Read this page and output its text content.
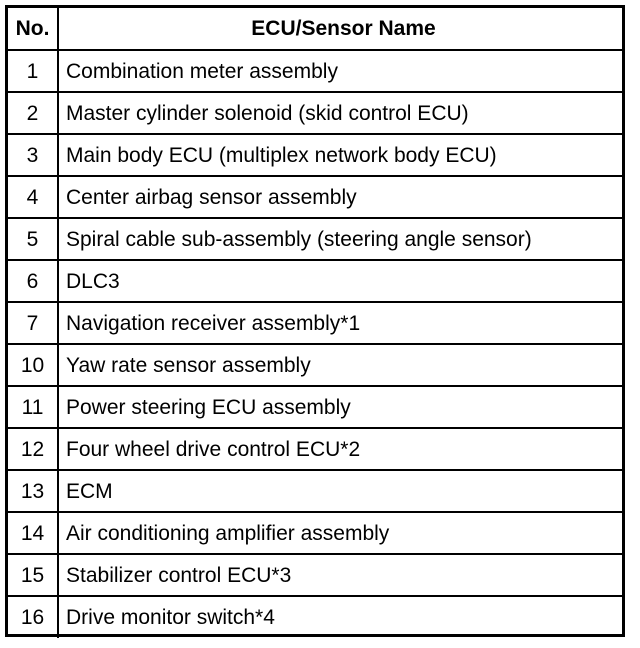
No.	ECU/Sensor Name
1	Combination meter assembly
2	Master cylinder solenoid (skid control ECU)
3	Main body ECU (multiplex network body ECU)
4	Center airbag sensor assembly
5	Spiral cable sub-assembly (steering angle sensor)
6	DLC3
7	Navigation receiver assembly*1
10	Yaw rate sensor assembly
11	Power steering ECU assembly
12	Four wheel drive control ECU*2
13	ECM
14	Air conditioning amplifier assembly
15	Stabilizer control ECU*3
16	Drive monitor switch*4
